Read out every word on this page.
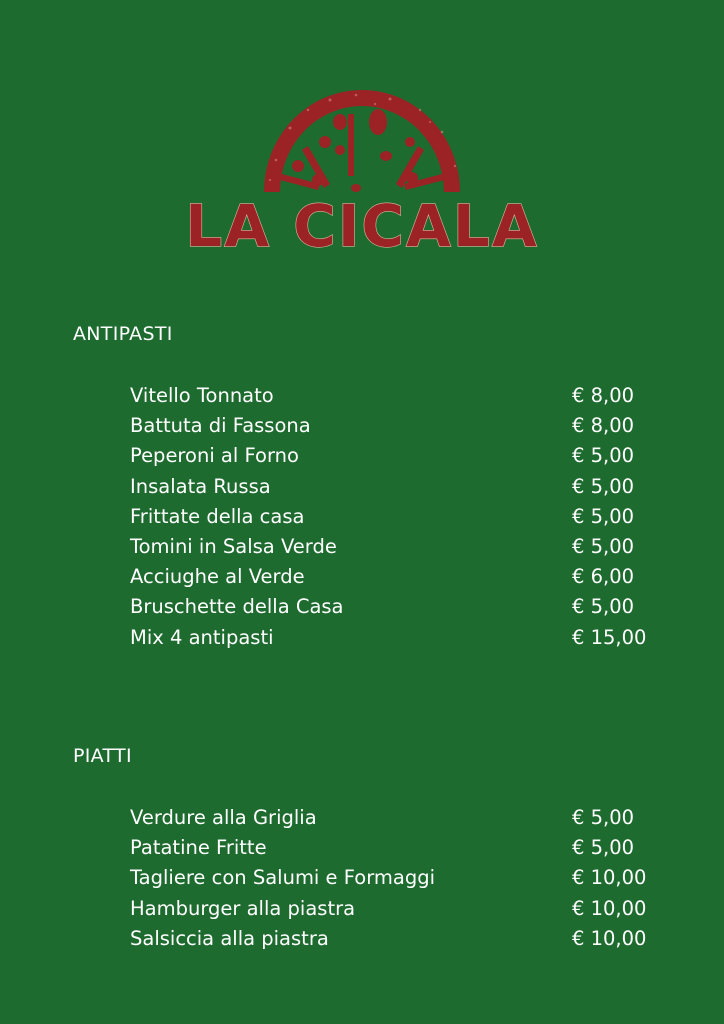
LA CICALA
ANTIPASTI
Vitello Tonnato	€ 8,00
Battuta di Fassona	€ 8,00
Peperoni al Forno	€ 5,00
Insalata Russa	€ 5,00
Frittate della casa	€ 5,00
Tomini in Salsa Verde	€ 5,00
Acciughe al Verde	€ 6,00
Bruschette della Casa	€ 5,00
Mix 4 antipasti	€ 15,00
PIATTI
Verdure alla Griglia	€ 5,00
Patatine Fritte	€ 5,00
Tagliere con Salumi e Formaggi	€ 10,00
Hamburger alla piastra	€ 10,00
Salsiccia alla piastra	€ 10,00
